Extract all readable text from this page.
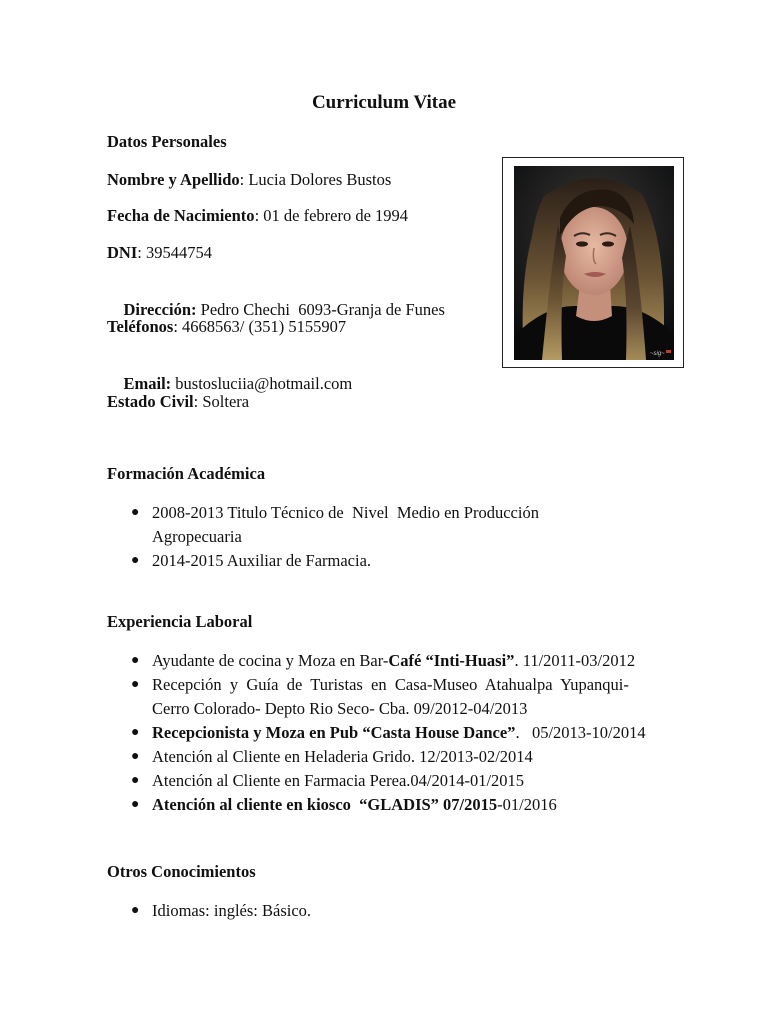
Curriculum Vitae
Datos Personales
Nombre y Apellido: Lucia Dolores Bustos
Fecha de Nacimiento: 01 de febrero de 1994
DNI: 39544754

Dirección: Pedro Chechi  6093-Granja de Funes

Teléfonos: 4668563/ (351) 5155907

Email: bustosluciia@hotmail.com

Estado Civil: Soltera
~sig~
Formación Académica
● 2008-2013 Titulo Técnico de  Nivel  Medio en Producción
Agropecuaria
● 2014-2015 Auxiliar de Farmacia.
Experiencia Laboral
● Ayudante de cocina y Moza en Bar-Café “Inti-Huasi”. 11/2011-03/2012
● Recepción  y  Guía  de  Turistas  en  Casa-Museo  Atahualpa  Yupanqui-
Cerro Colorado- Depto Rio Seco- Cba. 09/2012-04/2013
● Recepcionista y Moza en Pub “Casta House Dance”.   05/2013-10/2014
● Atención al Cliente en Heladeria Grido. 12/2013-02/2014
● Atención al Cliente en Farmacia Perea.04/2014-01/2015
● Atención al cliente en kiosco  “GLADIS” 07/2015-01/2016
Otros Conocimientos
● Idiomas: inglés: Básico.
